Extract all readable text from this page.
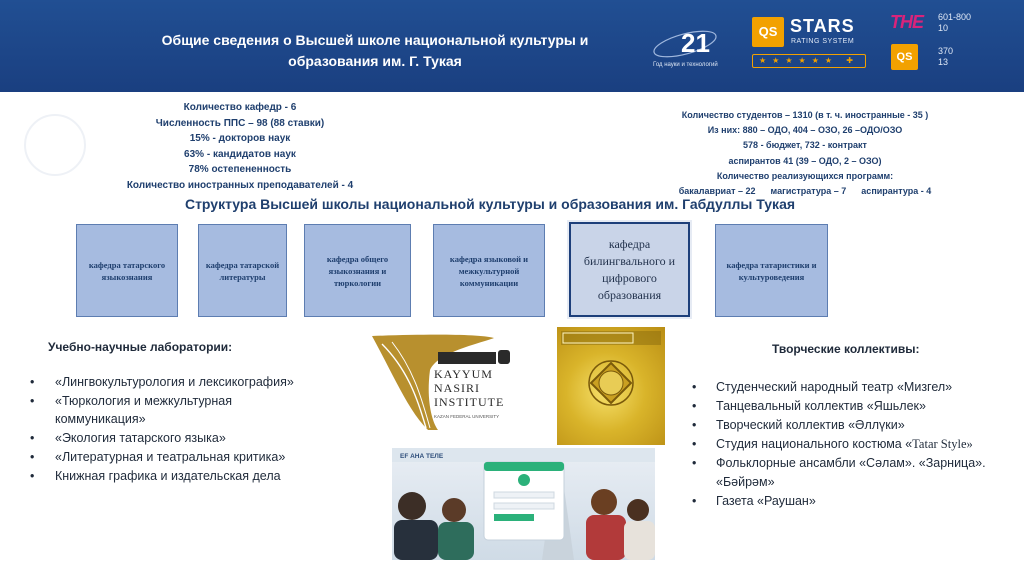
Общие сведения о Высшей школе национальной культуры и образования им. Г. Тукая
21
Год науки и технологий
QS STARS
RATING SYSTEM
★★★★★★ ✚
THE
QS
601-800
10
370
13
Количество кафедр - 6
Численность ППС – 98 (88 ставки)
15% - докторов наук
63% - кандидатов наук
78% остепененность
Количество иностранных преподавателей - 4
Количество студентов – 1310 (в т. ч. иностранные - 35 )
Из них: 880 – ОДО, 404 – ОЗО, 26 –ОДО/ОЗО
578 - бюджет, 732 - контракт
аспирантов 41 (39 – ОДО, 2 – ОЗО)
Количество реализующихся программ:
бакалавриат – 22      магистратура – 7      аспирантура - 4
Структура Высшей школы национальной культуры и образования им. Габдуллы Тукая
кафедра татарского языкознания
кафедра татарской литературы
кафедра общего языкознания и тюркологии
кафедра языковой и межкультурной коммуникации
кафедра билингвального и цифрового образования
кафедра татаристики и культуроведения
Учебно-научные лаборатории:
• «Лингвокультурология и лексикография»
• «Тюркология и межкультурная коммуникация»
• «Экология татарского языка»
• «Литературная и театральная критика»
• Книжная графика и издательская дела
KAYYUM
NASIRI
INSTITUTE
KAZAN FEDERAL UNIVERSITY
ЕF АНА ТЕЛЕ
Творческие коллективы:
• Студенческий народный театр «Мизгел»
• Танцевальный коллектив «Яшьлек»
• Творческий коллектив «Әллүки»
• Студия национального костюма «Tatar Style»
• Фольклорные ансамбли «Сәлам». «Зарница». «Бәйрәм»
• Газета «Раушан»
